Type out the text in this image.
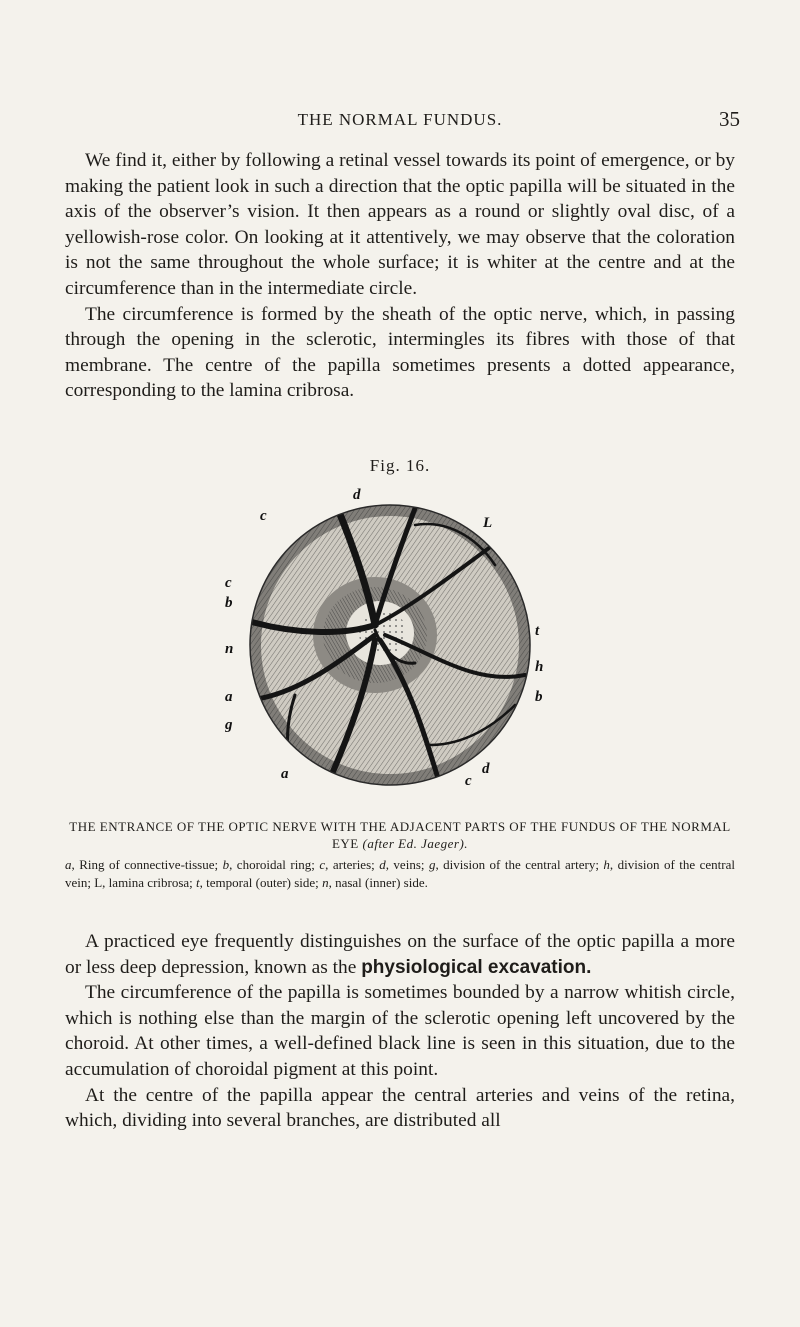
THE NORMAL FUNDUS.	35

We find it, either by following a retinal vessel towards its point of emergence, or by making the patient look in such a direction that the optic papilla will be situated in the axis of the observer’s vision. It then appears as a round or slightly oval disc, of a yellowish-rose color. On looking at it attentively, we may observe that the coloration is not the same throughout the whole surface; it is whiter at the centre and at the circumference than in the intermediate circle.

The circumference is formed by the sheath of the optic nerve, which, in passing through the opening in the sclerotic, intermingles its fibres with those of that membrane. The centre of the papilla sometimes presents a dotted appearance, corresponding to the lamina cribrosa.

Fig. 16.
d
c	L
c
b
n
t
h
a	b
g
a	c
d
THE ENTRANCE OF THE OPTIC NERVE WITH THE ADJACENT PARTS OF THE FUNDUS OF THE NORMAL EYE (after Ed. Jaeger).
a, Ring of connective-tissue; b, choroidal ring; c, arteries; d, veins; g, division of the central artery; h, division of the central vein; L, lamina cribrosa; t, temporal (outer) side; n, nasal (inner) side.

A practiced eye frequently distinguishes on the surface of the optic papilla a more or less deep depression, known as the physiological excavation.

The circumference of the papilla is sometimes bounded by a narrow whitish circle, which is nothing else than the margin of the sclerotic opening left uncovered by the choroid. At other times, a well-defined black line is seen in this situation, due to the accumulation of choroidal pigment at this point.

At the centre of the papilla appear the central arteries and veins of the retina, which, dividing into several branches, are distributed all
